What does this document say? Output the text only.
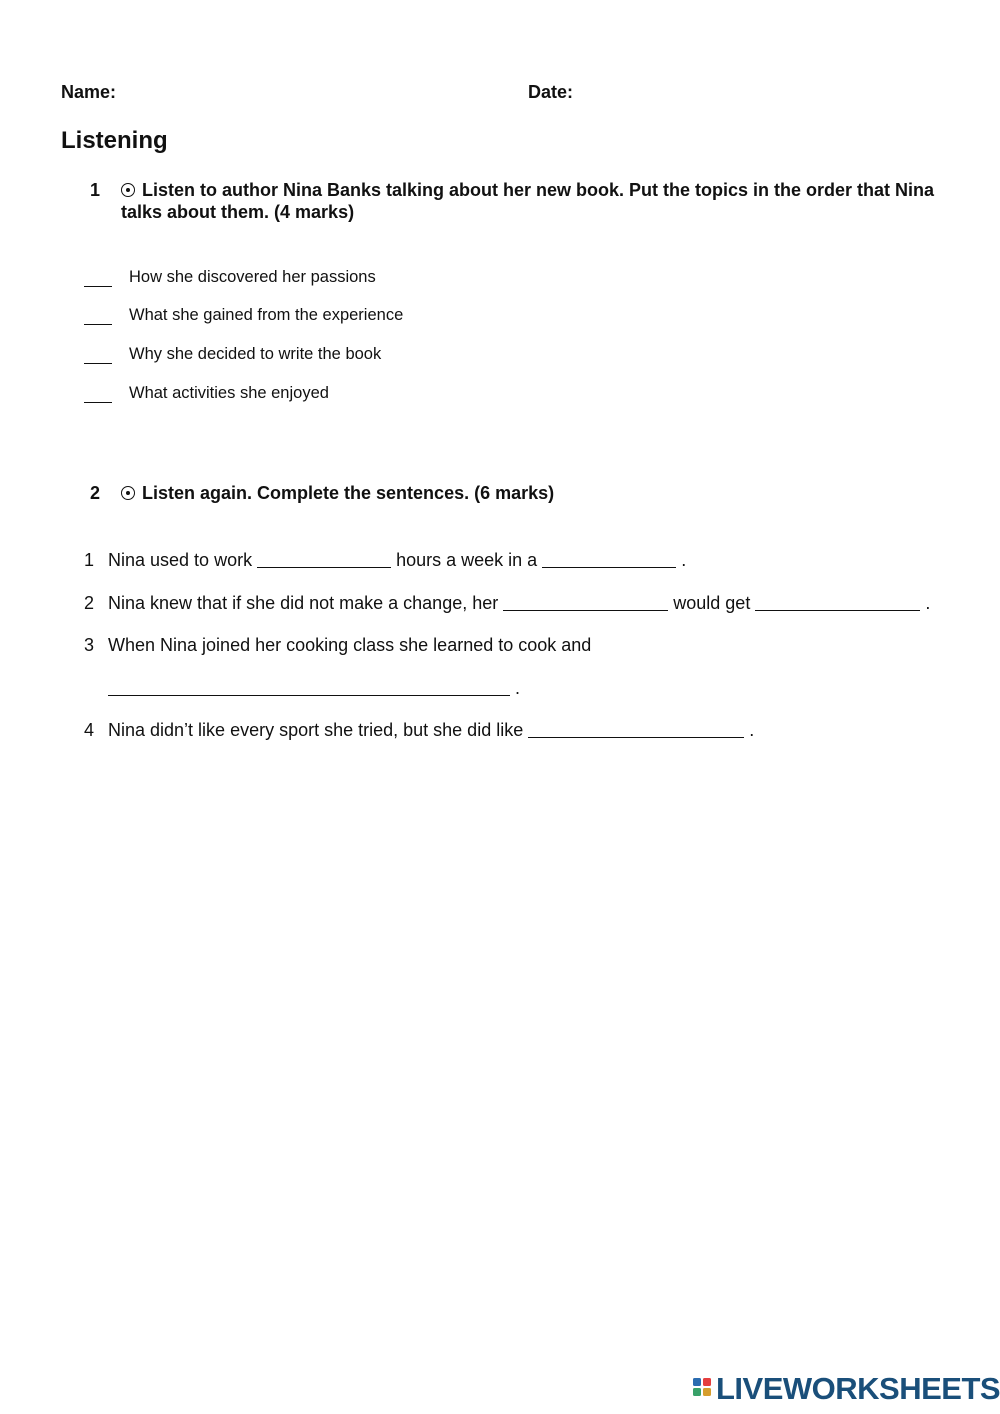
Name:	Date:
Listening
1	Listen to author Nina Banks talking about her new book. Put the topics in the order that Nina talks about them. (4 marks)
How she discovered her passions
What she gained from the experience
Why she decided to write the book
What activities she enjoyed
2	Listen again. Complete the sentences. (6 marks)
1 Nina used to work	hours a week in a	.
2 Nina knew that if she did not make a change, her	would get	.
3 When Nina joined her cooking class she learned to cook and
.
4 Nina didn’t like every sport she tried, but she did like	.
LIVEWORKSHEETS
